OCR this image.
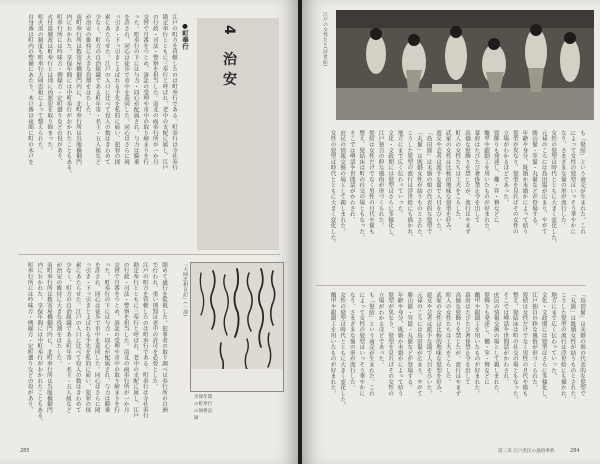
江戸の町方を管轄したのは町奉行である。町奉行は寺社奉行
勘定奉行とともに三奉行と呼ばれ、老中の支配に属し、江戸
の行政・司法・警察を担当した。南北の両奉行所が一か月
交替で月番をつとめ、訴訟の受理や市中の取り締まりを行
った。町奉行の下には与力・同心が配属され、与力は騎乗
を許され、同心は徒歩で市中を巡回した。同心はさらに岡
っ引き・下っ引きとよばれる手先を私的に雇い、犯罪の探
索にあたらせた。江戸の人口に比べて役人の数はきわめて
少なく、町方の自治組織である町年寄・名主・五人組など
が治安の維持に大きな役割をはたした。
南町奉行所は数寄屋橋御門内に、北町奉行所は呉服橋御門
内におかれた。享保年間には中町奉行がおかれたこともある。
町奉行所には吟味方・例繰方・定町廻りなどの役があり、
火付盗賊改は町奉行とは別に凶悪犯を取り締まった。
町火消の制度も町奉行大岡忠相によって整えられた。
自身番は町内の警備にあたり、木戸番は夜間に町の木戸を	4 治安
●町奉行
閉めて通行を監視した。犯罪者の取り調べは奉行所の白洲
で行われ、重い刑罰は老中の許可を必要とした。
江戸の町方を管轄したのは町奉行である。町奉行は寺社奉行
勘定奉行とともに三奉行と呼ばれ、老中の支配に属し、江戸
の行政・司法・警察を担当した。南北の両奉行所が一か月
交替で月番をつとめ、訴訟の受理や市中の取り締まりを行
った。町奉行の下には与力・同心が配属され、与力は騎乗
を許され、同心は徒歩で市中を巡回した。同心はさらに岡
っ引き・下っ引きとよばれる手先を私的に雇い、犯罪の探
索にあたらせた。江戸の人口に比べて役人の数はきわめて
少なく、町方の自治組織である町年寄・名主・五人組など
が治安の維持に大きな役割をはたした。
南町奉行所は数寄屋橋御門内に、北町奉行所は呉服橋御門
内におかれた。享保年間には中町奉行がおかれたこともある。
町奉行所には吟味方・例繰方・定町廻りなどの役があり、	『大岡忠相日記』(一部)
享保年間の町奉行の執務記録
285
江戸の女性たち(浮世絵)
も「髪結」という商売が生まれた。これ
によって女性の髪型はいっそう華やかに
なり、さまざまな髷の形が流行した。
女性の髪型は時代とともに大きく変化した。
元禄のころには島田髷が広まり、やがて
勝山髷・笄髷・丸髷などが登場する。
年齢や身分、既婚か未婚かによって結う
髪型が異なり、髪型を見ればその女性の
立場がわかるほどであった。
髪飾りも発達し、櫛・笄・簪などに
鼈甲や銀細工を用いたものが好まれた。
幕府はたびたび奢侈禁止令を出して
高価な髪飾りを禁じたが、流行はやまず
町人の女性たちは工夫をこらした。
武家の女性は比較的地味な髪型を好み、
遊女や芸者は派手な髷で人目をひいた。
「島田髷」は未婚の娘の代表的な髪型で
「丸髷」は既婚女性が結うものとされた。
こうした髪型の流行は浮世絵にも描かれ、
地方にまで広く伝わっていった。
文化・文政期には髪型はさらに多様化し、
江戸独自の粋な風俗が形づくられた。
髪結は女性だけでなく男性の月代や髷も
整え、髪結床は町の社交の場ともなった。
そこでは噂話や世間話がかわされ、
庶民の情報交換の場として親しまれた。
女性の髪型は時代とともに大きく変化した。
「島田髷」は未婚の娘の代表的な髪型で
「丸髷」は既婚女性が結うものとされた。
こうした髪型の流行は浮世絵にも描かれ、
地方にまで広く伝わっていった。
文化・文政期には髪型はさらに多様化し、
江戸独自の粋な風俗が形づくられた。
髪結は女性だけでなく男性の月代や髷も
整え、髪結床は町の社交の場ともなった。
そこでは噂話や世間話がかわされ、
庶民の情報交換の場として親しまれた。
髪飾りも発達し、櫛・笄・簪などに
鼈甲や銀細工を用いたものが好まれた。
幕府はたびたび奢侈禁止令を出して
高価な髪飾りを禁じたが、流行はやまず
町人の女性たちは工夫をこらした。
武家の女性は比較的地味な髪型を好み、
遊女や芸者は派手な髷で人目をひいた。
元禄のころには島田髷が広まり、やがて
勝山髷・笄髷・丸髷などが登場する。
年齢や身分、既婚か未婚かによって結う
髪型が異なり、髪型を見ればその女性の
立場がわかるほどであった。
も「髪結」という商売が生まれた。これ
によって女性の髪型はいっそう華やかに
なり、さまざまな髷の形が流行した。
女性の髪型は時代とともに大きく変化した。
鼈甲や銀細工を用いたものが好まれた。
第三章 江戸庶民の風俗事典	284
